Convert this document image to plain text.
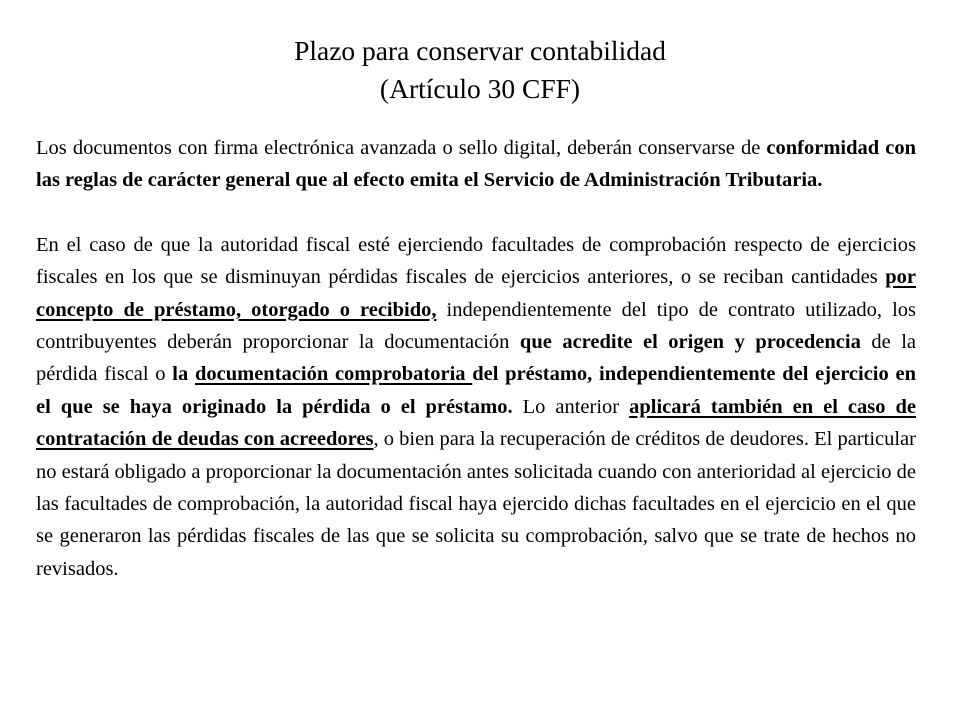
Plazo para conservar contabilidad
(Artículo 30 CFF)

Los documentos con firma electrónica avanzada o sello digital, deberán conservarse de conformidad con las reglas de carácter general que al efecto emita el Servicio de Administración Tributaria.

En el caso de que la autoridad fiscal esté ejerciendo facultades de comprobación respecto de ejercicios fiscales en los que se disminuyan pérdidas fiscales de ejercicios anteriores, o se reciban cantidades por concepto de préstamo, otorgado o recibido, independientemente del tipo de contrato utilizado, los contribuyentes deberán proporcionar la documentación que acredite el origen y procedencia de la pérdida fiscal o la documentación comprobatoria del préstamo, independientemente del ejercicio en el que se haya originado la pérdida o el préstamo. Lo anterior aplicará también en el caso de contratación de deudas con acreedores, o bien para la recuperación de créditos de deudores. El particular no estará obligado a proporcionar la documentación antes solicitada cuando con anterioridad al ejercicio de las facultades de comprobación, la autoridad fiscal haya ejercido dichas facultades en el ejercicio en el que se generaron las pérdidas fiscales de las que se solicita su comprobación, salvo que se trate de hechos no revisados.
